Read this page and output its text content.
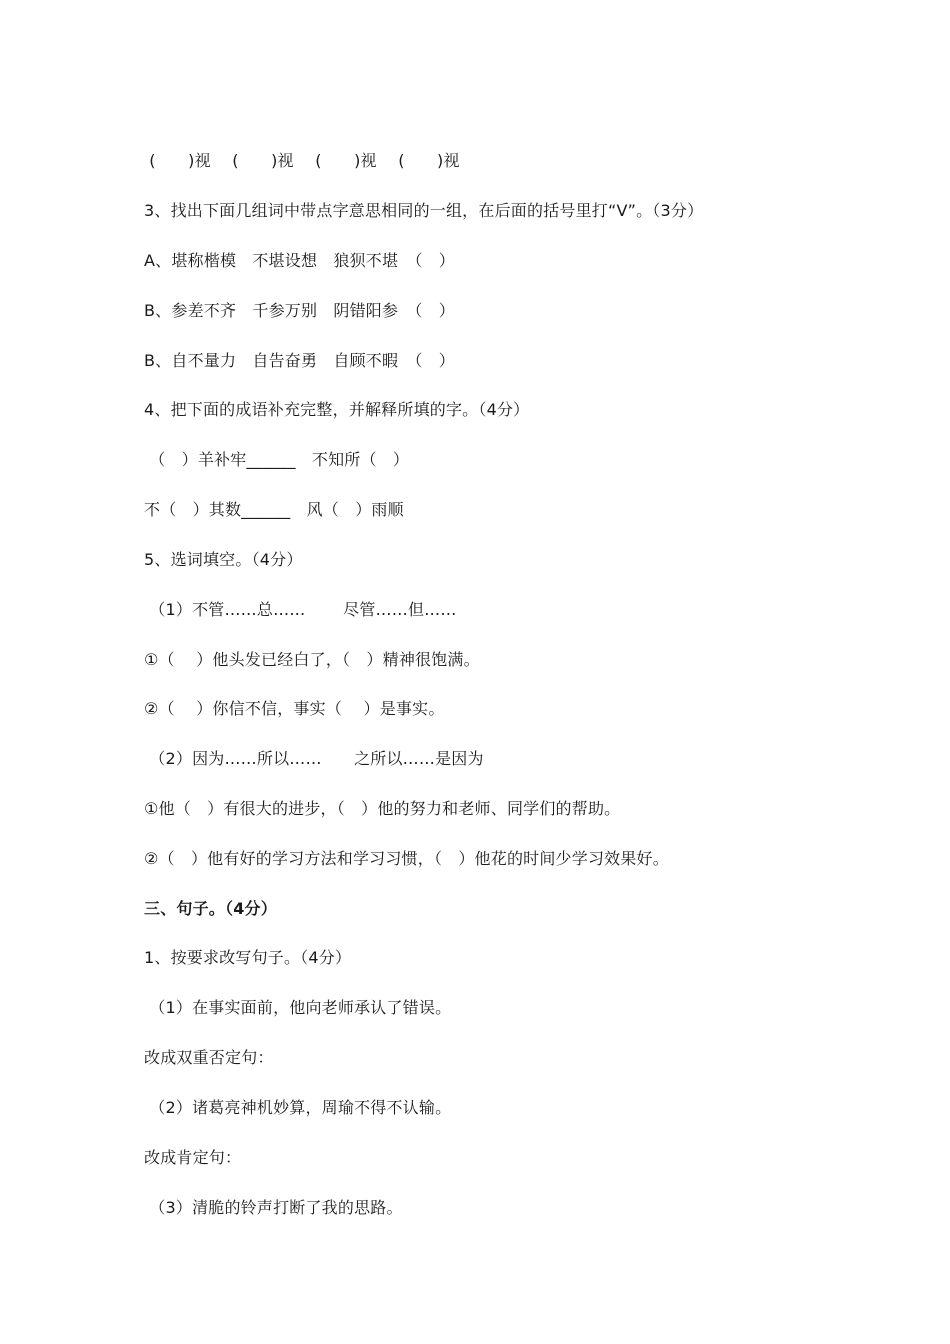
(　　)视　 (　　)视　 (　　)视　 (　　)视
3、找出下面几组词中带点字意思相同的一组，在后面的括号里打“V”。（3分）
A、堪称楷模　不堪设想　狼狈不堪　（　）
B、参差不齐　千参万别　阴错阳参　（　）
B、自不量力　自告奋勇　自顾不暇　（　）
4、把下面的成语补充完整，并解释所填的字。（4分）
（　）羊补牢______　不知所（　）
不（　）其数______　风（　）雨顺
5、选词填空。（4分）
（1）不管……总……　　 尽管……但……
①（　 ）他头发已经白了，（　）精神很饱满。
②（　 ）你信不信，事实（　 ）是事实。
（2）因为……所以……　　之所以……是因为
①他（　）有很大的进步，（　）他的努力和老师、同学们的帮助。
②（　）他有好的学习方法和学习习惯，（　）他花的时间少学习效果好。
三、句子。（4分）
1、按要求改写句子。（4分）
（1）在事实面前，他向老师承认了错误。
改成双重否定句：
（2）诸葛亮神机妙算，周瑜不得不认输。
改成肯定句：
（3）清脆的铃声打断了我的思路。
